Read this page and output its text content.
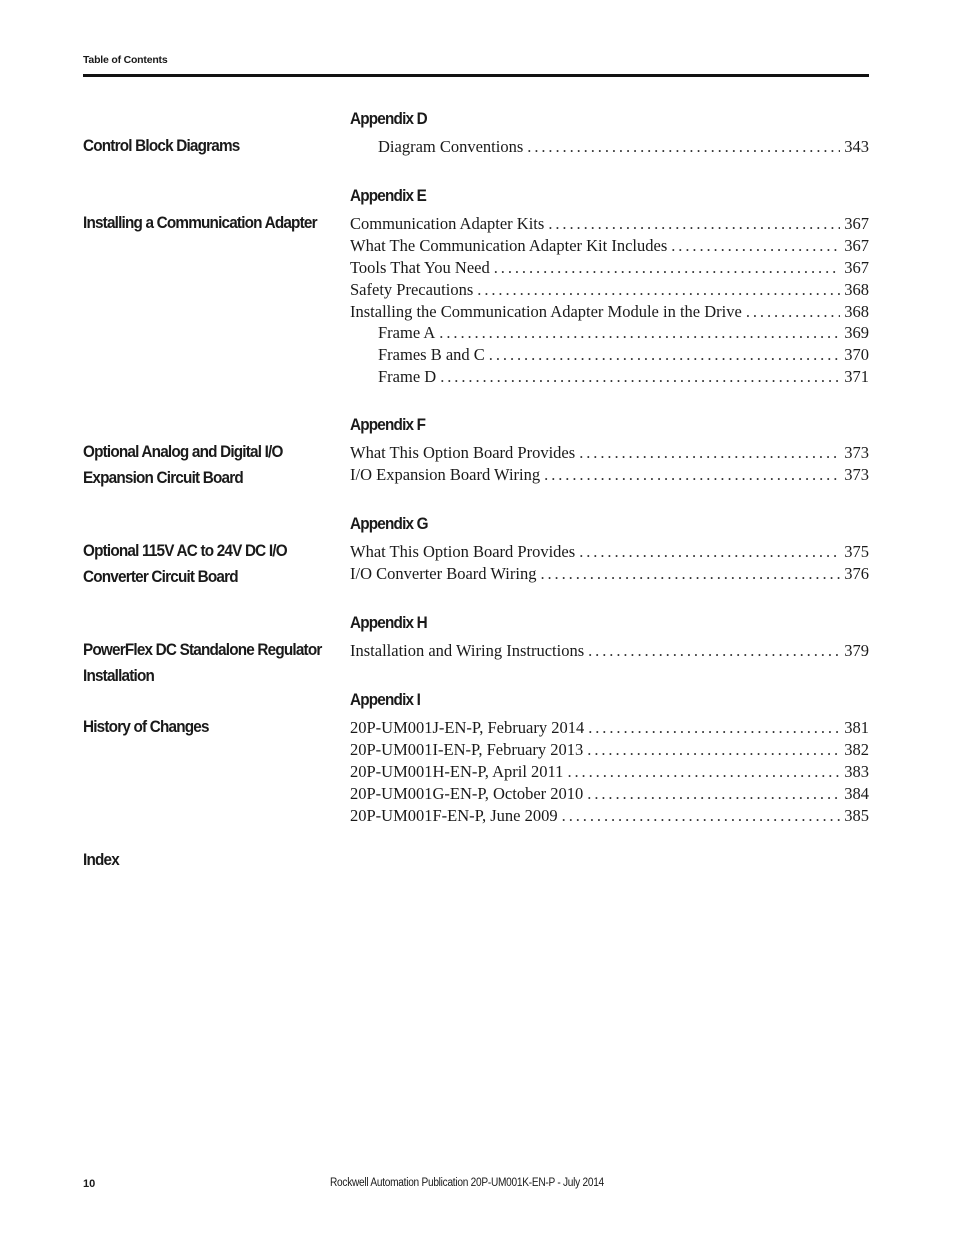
Table of Contents
Appendix D
Control Block Diagrams	Diagram Conventions . . .	343
Appendix E
Installing a Communication Adapter	Communication Adapter Kits . . .	367
What The Communication Adapter Kit Includes . . .	367
Tools That You Need . . .	367
Safety Precautions . . .	368
Installing the Communication Adapter Module in the Drive . . .	368
Frame A . . .	369
Frames B and C . . .	370
Frame D . . .	371
Appendix F
Optional Analog and Digital I/O
Expansion Circuit Board
What This Option Board Provides . . .	373
I/O Expansion Board Wiring . . .	373
Appendix G
Optional 115V AC to 24V DC I/O
Converter Circuit Board
What This Option Board Provides . . .	375
I/O Converter Board Wiring . . .	376
Appendix H
PowerFlex DC Standalone Regulator
Installation
Installation and Wiring Instructions . . .	379
Appendix I
History of Changes	20P-UM001J-EN-P, February 2014 . . .	381
20P-UM001I-EN-P, February 2013 . . .	382
20P-UM001H-EN-P, April 2011 . . .	383
20P-UM001G-EN-P, October 2010 . . .	384
20P-UM001F-EN-P, June 2009 . . .	385
Index
10	Rockwell Automation Publication 20P-UM001K-EN-P - July 2014
